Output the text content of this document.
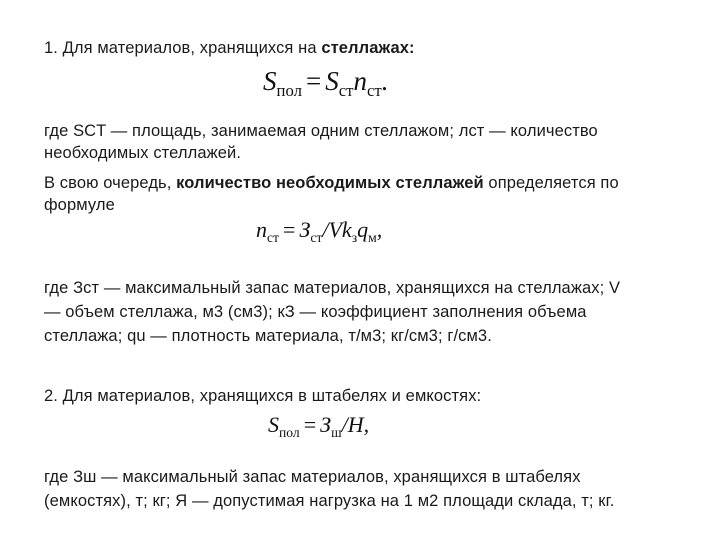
1. Для материалов, хранящихся на стеллажах:
$S_{пол} = S_{ст}n_{ст}$.
где SCT — площадь, занимаемая одним стеллажом; лст — количество
необходимых стеллажей.
В свою очередь, количество необходимых стеллажей определяется по
формуле
$n_{ст} = З_{ст}/Vk_зq_м$,
где Зст — максимальный запас материалов, хранящихся на стеллажах; V
— объем стеллажа, м3 (см3); кЗ — коэффициент заполнения объема
стеллажа; qu — плотность материала, т/м3; кг/см3; г/см3.
2. Для материалов, хранящихся в штабелях и емкостях:
$S_{пол} = З_ш/Н$,
где Зш — максимальный запас материалов, хранящихся в штабелях
(емкостях), т; кг; Я — допустимая нагрузка на 1 м2 площади склада, т; кг.
